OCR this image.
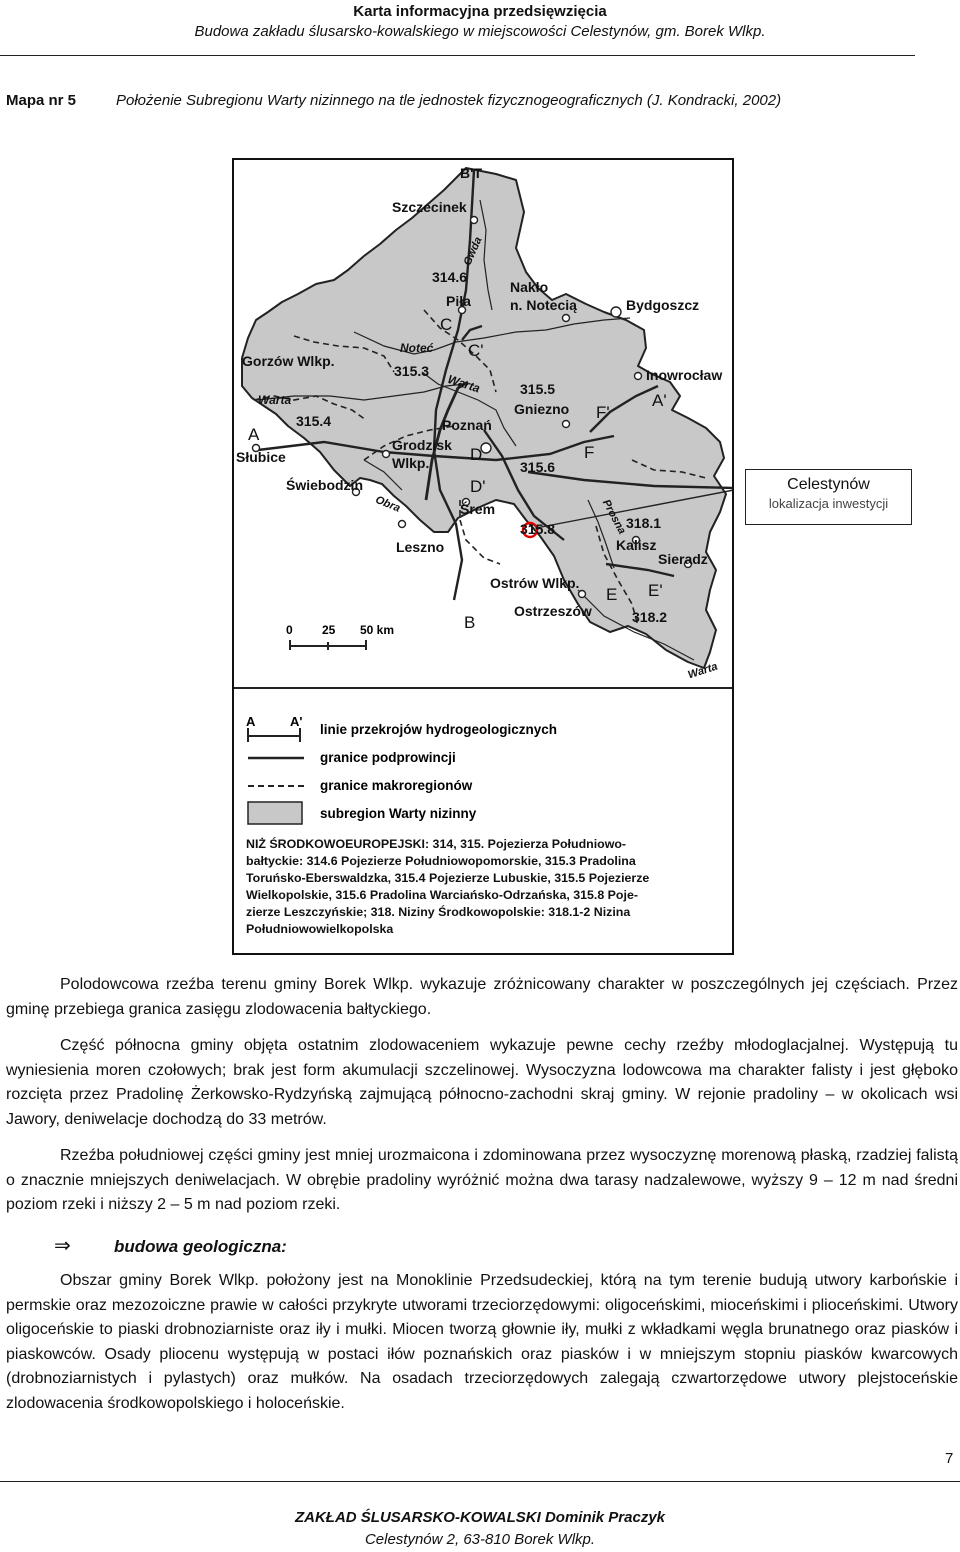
Karta informacyjna przedsięwzięcia
Budowa zakładu ślusarsko-kowalskiego w miejscowości Celestynów, gm. Borek Wlkp.
Mapa nr 5	Położenie Subregionu Warty nizinnego na tle jednostek fizycznogeograficznych (J. Kondracki, 2002)
B'T
Szczecinek
Gwda
314.6
Piła
Nakło
n. Notecią	Bydgoszcz
C
C'
Noteć
Gorzów Wlkp.
315.3
Warta
Warta	Inowrocław
315.5
Gniezno F'
A'
315.4	Poznań
A
Słubice
Grodzisk
Wlkp. D	F
315.6
Świebodzin	D'
Obra	Śrem	Prosna
318.1
315.8
Kalisz
Leszno
Sieradz
Ostrów Wlkp.
E E'
Ostrzeszów	318.2
B
Warta
0 25 50 km
A	A'
linie przekrojów hydrogeologicznych
granice podprowincji
granice makroregionów
subregion Warty nizinny
NIŻ ŚRODKOWOEUROPEJSKI: 314, 315. Pojezierza Południowo-
bałtyckie: 314.6 Pojezierze Południowopomorskie, 315.3 Pradolina
Toruńsko-Eberswaldzka, 315.4 Pojezierze Lubuskie, 315.5 Pojezierze
Wielkopolskie, 315.6 Pradolina Warciańsko-Odrzańska, 315.8 Poje-
zierze Leszczyńskie; 318. Niziny Środkowopolskie: 318.1-2 Nizina
Południowowielkopolska
Celestynów
lokalizacja inwestycji

Polodowcowa rzeźba terenu gminy Borek Wlkp. wykazuje zróżnicowany charakter w poszczególnych jej częściach. Przez gminę przebiega granica zasięgu zlodowacenia bałtyckiego.

Część północna gminy objęta ostatnim zlodowaceniem wykazuje pewne cechy rzeźby młodoglacjalnej. Występują tu wyniesienia moren czołowych; brak jest form akumulacji szczelinowej. Wysoczyzna lodowcowa ma charakter falisty i jest głęboko rozcięta przez Pradolinę Żerkowsko-Rydzyńską zajmującą północno-zachodni skraj gminy. W rejonie pradoliny – w okolicach wsi Jawory, deniwelacje dochodzą do 33 metrów.

Rzeźba południowej części gminy jest mniej urozmaicona i zdominowana przez wysoczyznę morenową płaską, rzadziej falistą o znacznie mniejszych deniwelacjach. W obrębie pradoliny wyróżnić można dwa tarasy nadzalewowe, wyższy 9 – 12 m nad średni poziom rzeki i niższy 2 – 5 m nad poziom rzeki.

⇒	budowa geologiczna:

Obszar gminy Borek Wlkp. położony jest na Monoklinie Przedsudeckiej, którą na tym terenie budują utwory karbońskie i permskie oraz mezozoiczne prawie w całości przykryte utworami trzeciorzędowymi: oligoceńskimi, mioceńskimi i plioceńskimi. Utwory oligoceńskie to piaski drobnoziarniste oraz iły i mułki. Miocen tworzą głownie iły, mułki z wkładkami węgla brunatnego oraz piasków i piaskowców. Osady pliocenu występują w postaci iłów poznańskich oraz piasków i w mniejszym stopniu piasków kwarcowych (drobnoziarnistych i pylastych) oraz mułków. Na osadach trzeciorzędowych zalegają czwartorzędowe utwory plejstoceńskie zlodowacenia środkowopolskiego i holoceńskie.

7
ZAKŁAD ŚLUSARSKO-KOWALSKI Dominik Praczyk
Celestynów 2, 63-810 Borek Wlkp.
